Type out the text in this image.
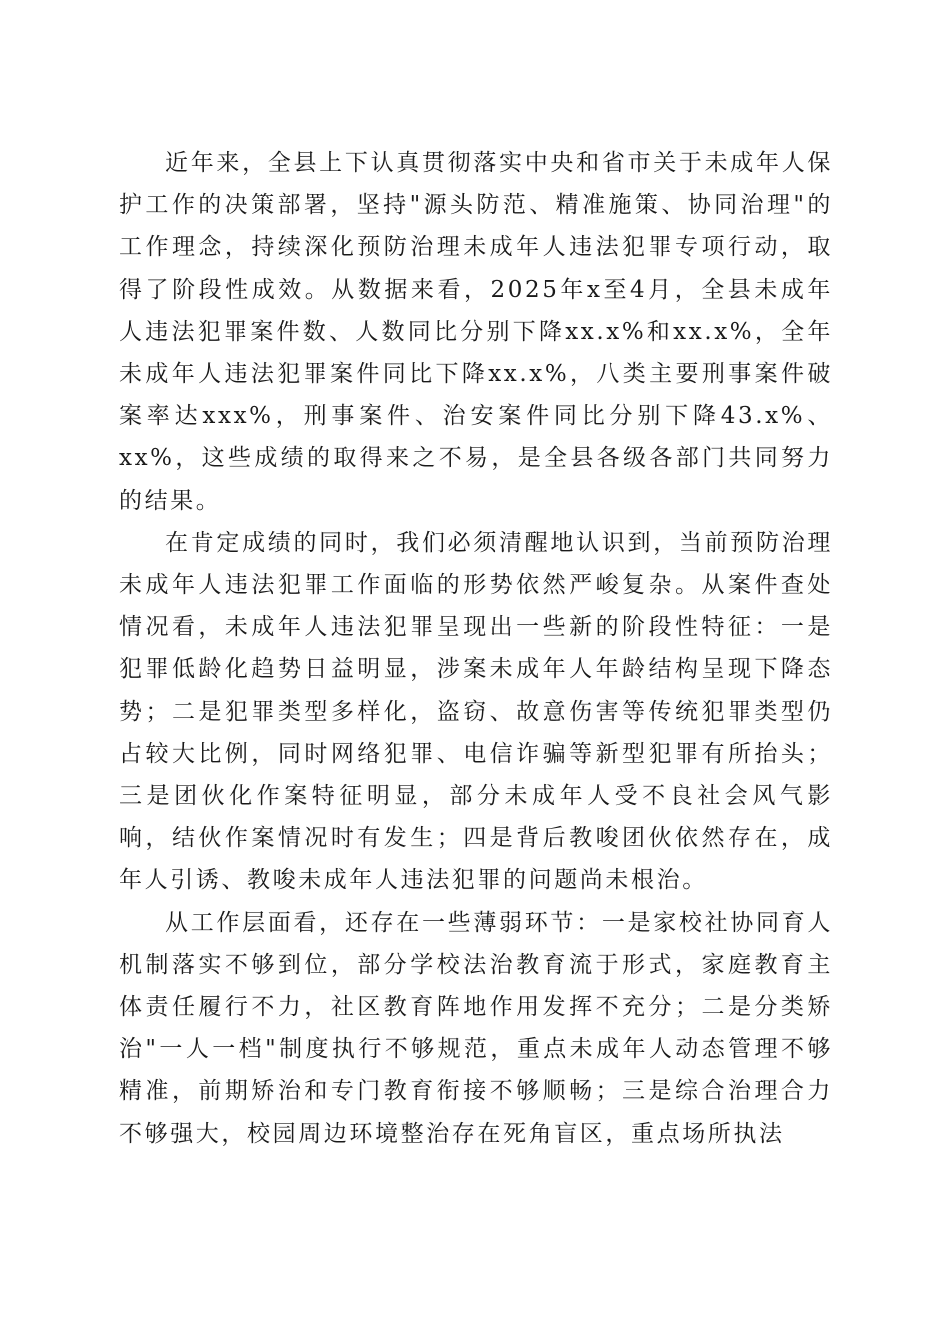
近年来，全县上下认真贯彻落实中央和省市关于未成年人保护工作的决策部署，坚持"源头防范、精准施策、协同治理"的工作理念，持续深化预防治理未成年人违法犯罪专项行动，取得了阶段性成效。从数据来看，2025年x至4月，全县未成年人违法犯罪案件数、人数同比分别下降xx.x%和xx.x%，全年未成年人违法犯罪案件同比下降xx.x%，八类主要刑事案件破案率达xxx%，刑事案件、治安案件同比分别下降43.x%、xx%，这些成绩的取得来之不易，是全县各级各部门共同努力的结果。

在肯定成绩的同时，我们必须清醒地认识到，当前预防治理未成年人违法犯罪工作面临的形势依然严峻复杂。从案件查处情况看，未成年人违法犯罪呈现出一些新的阶段性特征：一是犯罪低龄化趋势日益明显，涉案未成年人年龄结构呈现下降态势；二是犯罪类型多样化，盗窃、故意伤害等传统犯罪类型仍占较大比例，同时网络犯罪、电信诈骗等新型犯罪有所抬头；三是团伙化作案特征明显，部分未成年人受不良社会风气影响，结伙作案情况时有发生；四是背后教唆团伙依然存在，成年人引诱、教唆未成年人违法犯罪的问题尚未根治。

从工作层面看，还存在一些薄弱环节：一是家校社协同育人机制落实不够到位，部分学校法治教育流于形式，家庭教育主体责任履行不力，社区教育阵地作用发挥不充分；二是分类矫治"一人一档"制度执行不够规范，重点未成年人动态管理不够精准，前期矫治和专门教育衔接不够顺畅；三是综合治理合力不够强大，校园周边环境整治存在死角盲区，重点场所执法
